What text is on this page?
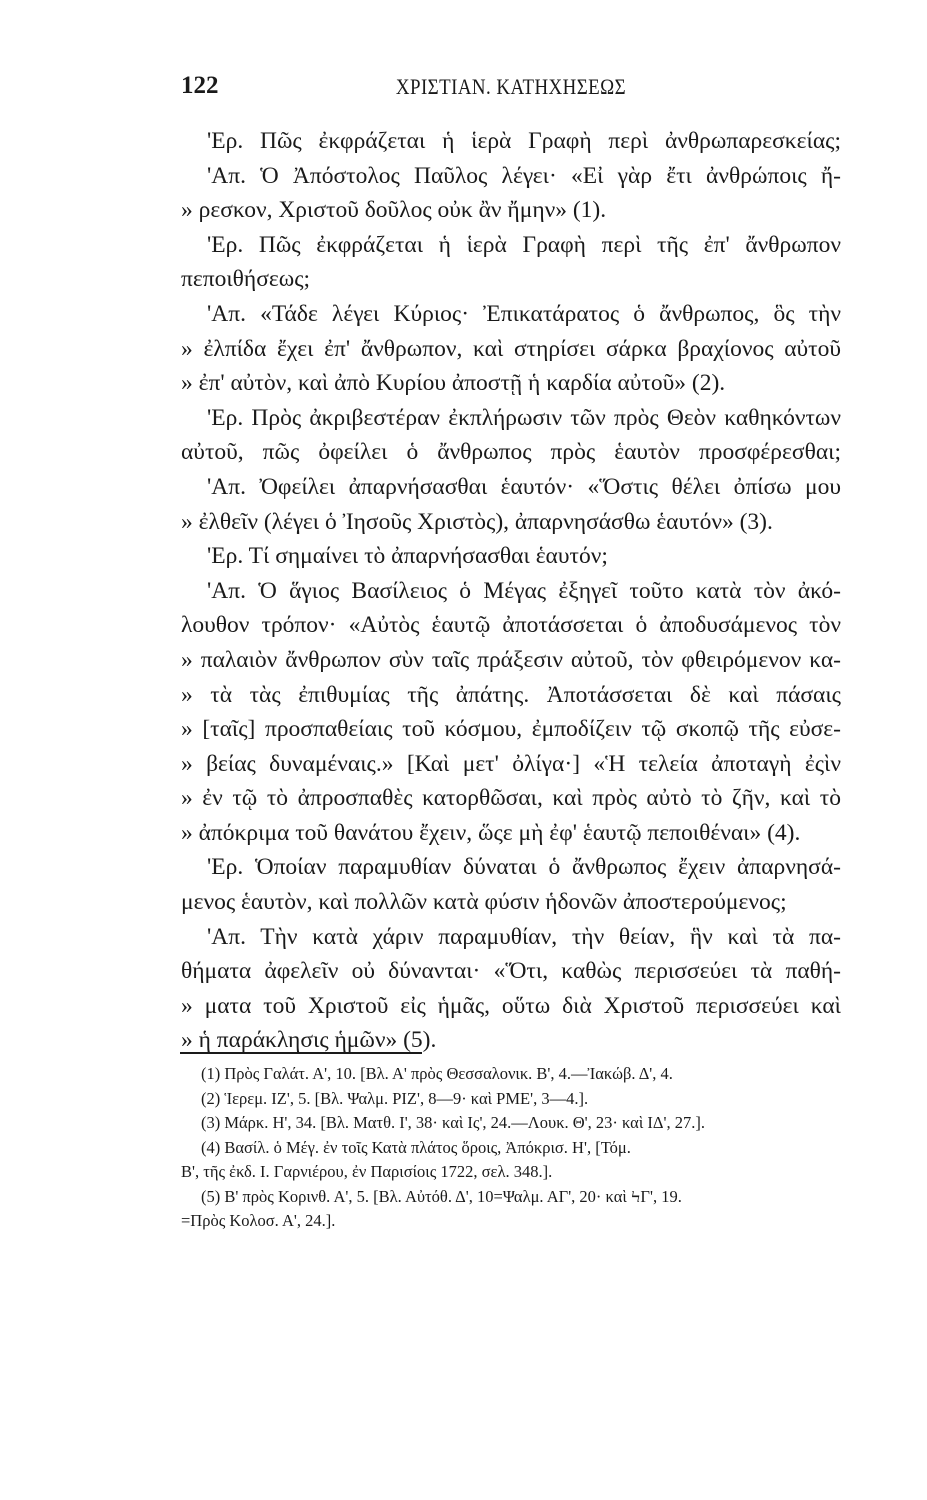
122	ΧΡΙΣΤΙΑΝ. ΚΑΤΗΧΗΣΕΩΣ
'Ερ. Πῶς ἐκφράζεται ἡ ἱερὰ Γραφὴ περὶ ἀνθρωπαρεσκείας;
'Απ. Ὁ Ἀπόστολος Παῦλος λέγει· «Εἰ γὰρ ἔτι ἀνθρώποις ἤ-
» ρεσκον, Χριστοῦ δοῦλος οὐκ ἂν ἤμην» (1).
'Ερ. Πῶς ἐκφράζεται ἡ ἱερὰ Γραφὴ περὶ τῆς ἐπ' ἄνθρωπον
πεποιθήσεως;
'Απ. «Τάδε λέγει Κύριος· Ἐπικατάρατος ὁ ἄνθρωπος, ὃς τὴν
» ἐλπίδα ἔχει ἐπ' ἄνθρωπον, καὶ στηρίσει σάρκα βραχίονος αὐτοῦ
» ἐπ' αὐτὸν, καὶ ἀπὸ Κυρίου ἀποστῇ ἡ καρδία αὐτοῦ» (2).
'Ερ. Πρὸς ἀκριβεστέραν ἐκπλήρωσιν τῶν πρὸς Θεὸν καθηκόντων
αὐτοῦ, πῶς ὀφείλει ὁ ἄνθρωπος πρὸς ἑαυτὸν προσφέρεσθαι;
'Απ. Ὀφείλει ἀπαρνήσασθαι ἑαυτόν· «Ὅστις θέλει ὀπίσω μου
» ἐλθεῖν (λέγει ὁ Ἰησοῦς Χριστὸς), ἀπαρνησάσθω ἑαυτόν» (3).
'Ερ. Τί σημαίνει τὸ ἀπαρνήσασθαι ἑαυτόν;
'Απ. Ὁ ἅγιος Βασίλειος ὁ Μέγας ἐξηγεῖ τοῦτο κατὰ τὸν ἀκό-
λουθον τρόπον· «Αὐτὸς ἑαυτῷ ἀποτάσσεται ὁ ἀποδυσάμενος τὸν
» παλαιὸν ἄνθρωπον σὺν ταῖς πράξεσιν αὐτοῦ, τὸν φθειρόμενον κα-
» τὰ τὰς ἐπιθυμίας τῆς ἀπάτης. Ἀποτάσσεται δὲ καὶ πάσαις
» [ταῖς] προσπαθείαις τοῦ κόσμου, ἐμποδίζειν τῷ σκοπῷ τῆς εὐσε-
» βείας δυναμέναις.» [Καὶ μετ' ὀλίγα·] «Ἡ τελεία ἀποταγὴ ἐςὶν
» ἐν τῷ τὸ ἀπροσπαθὲς κατορθῶσαι, καὶ πρὸς αὐτὸ τὸ ζῆν, καὶ τὸ
» ἀπόκριμα τοῦ θανάτου ἔχειν, ὥςε μὴ ἐφ' ἑαυτῷ πεποιθέναι» (4).
'Ερ. Ὁποίαν παραμυθίαν δύναται ὁ ἄνθρωπος ἔχειν ἀπαρνησά-
μενος ἑαυτὸν, καὶ πολλῶν κατὰ φύσιν ἡδονῶν ἀποστερούμενος;
'Απ. Τὴν κατὰ χάριν παραμυθίαν, τὴν θείαν, ἣν καὶ τὰ πα-
θήματα ἀφελεῖν οὐ δύνανται· «Ὅτι, καθὼς περισσεύει τὰ παθή-
» ματα τοῦ Χριστοῦ εἰς ἡμᾶς, οὕτω διὰ Χριστοῦ περισσεύει καὶ
» ἡ παράκλησις ἡμῶν» (5).
(1) Πρὸς Γαλάτ. Α', 10. [Βλ. Α' πρὸς Θεσσαλονικ. Β', 4.—Ἰακώβ. Δ', 4.
(2) Ἱερεμ. ΙΖ', 5. [Βλ. Ψαλμ. ΡΙΖ', 8—9· καὶ ΡΜΕ', 3—4.].
(3) Μάρκ. Η', 34. [Βλ. Ματθ. Ι', 38· καὶ Ις', 24.—Λουκ. Θ', 23· καὶ ΙΔ', 27.].
(4) Βασίλ. ὁ Μέγ. ἐν τοῖς Κατὰ πλάτος ὅροις, Ἀπόκρισ. Η', [Τόμ.
Β', τῆς ἐκδ. Ι. Γαρνιέρου, ἐν Παρισίοις 1722, σελ. 348.].
(5) Β' πρὸς Κορινθ. Α', 5. [Βλ. Αὐτόθ. Δ', 10=Ψαλμ. ΑΓ', 20· καὶ ϞΓ', 19.
=Πρὸς Κολοσ. Α', 24.].
